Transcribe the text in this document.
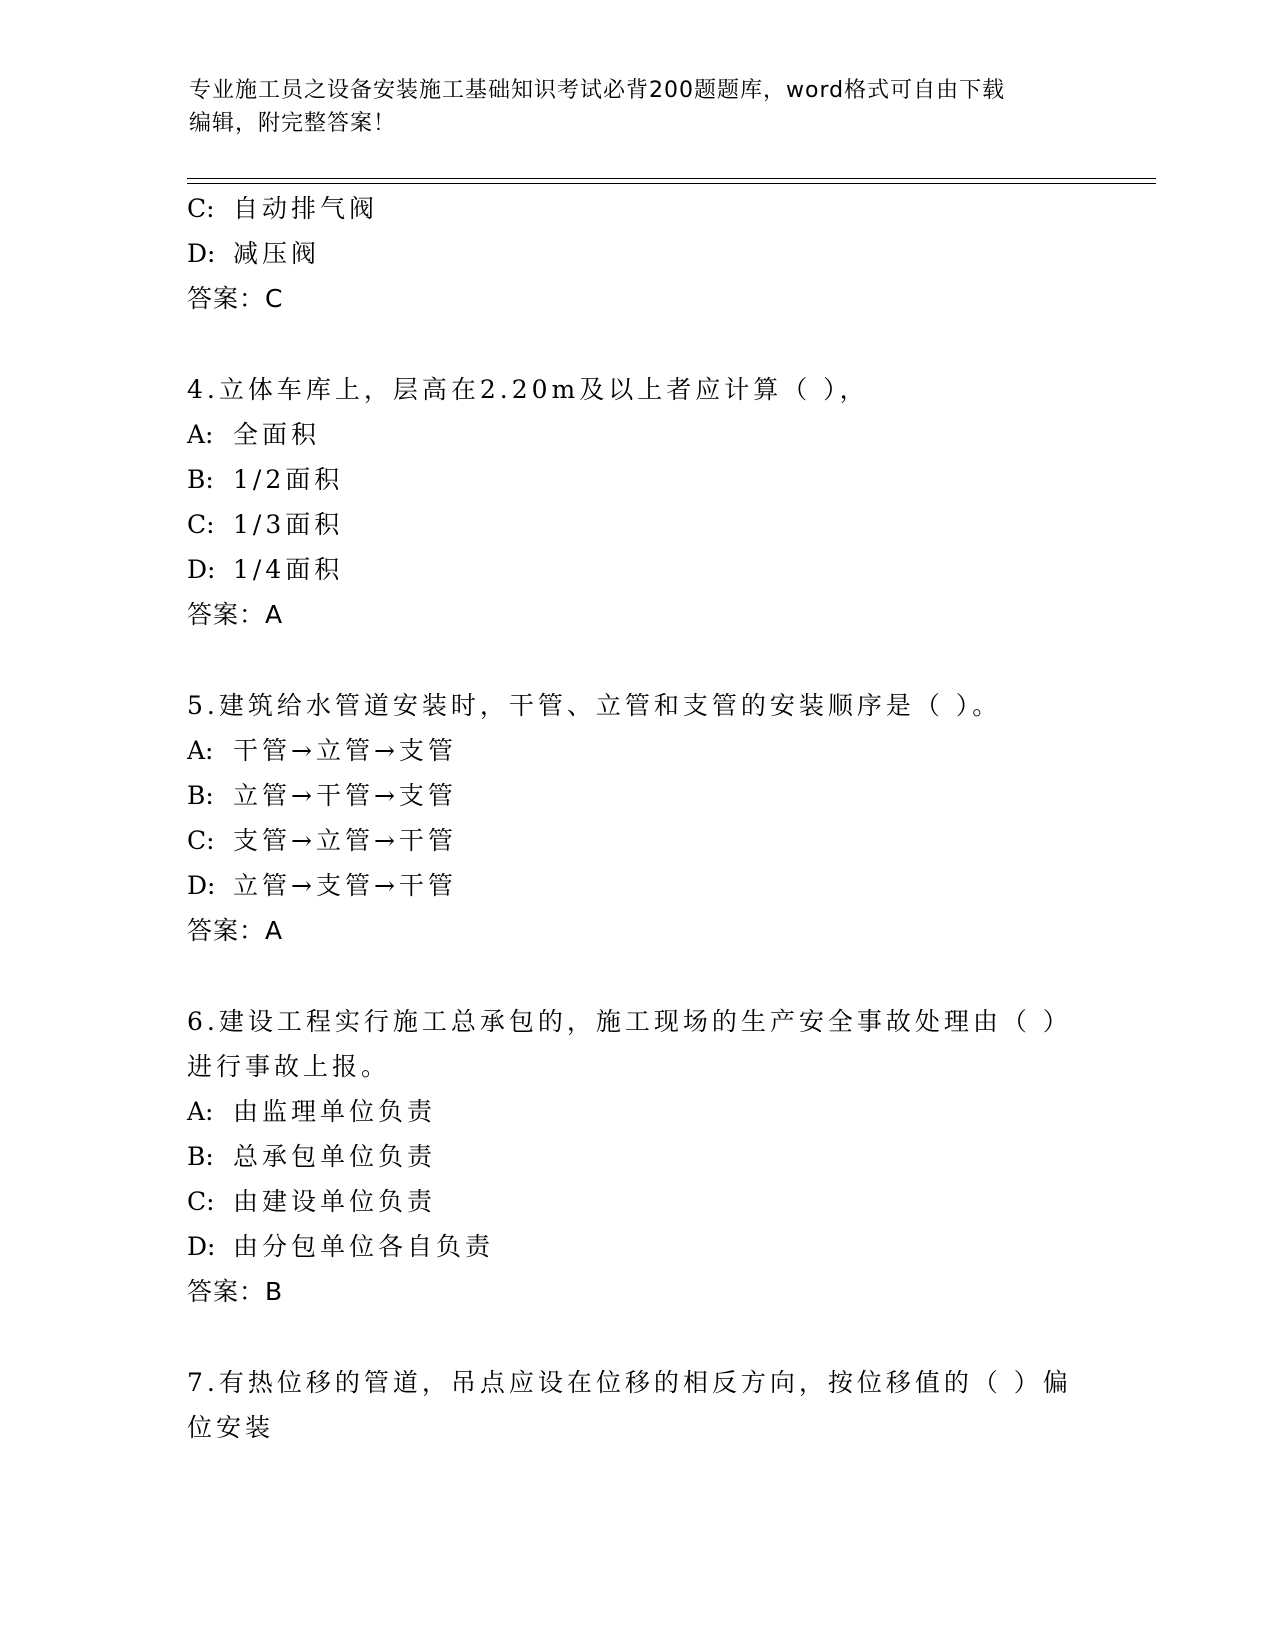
专业施工员之设备安装施工基础知识考试必背200题题库，word格式可自由下载
编辑，附完整答案！
C: 自动排气阀
D: 减压阀
答案：C
4.立体车库上，层高在2.20m及以上者应计算（ ），
A: 全面积
B: 1/2面积
C: 1/3面积
D: 1/4面积
答案：A
5.建筑给水管道安装时，干管、立管和支管的安装顺序是（ ）。
A: 干管→立管→支管
B: 立管→干管→支管
C: 支管→立管→干管
D: 立管→支管→干管
答案：A
6.建设工程实行施工总承包的，施工现场的生产安全事故处理由（ ）
进行事故上报。
A: 由监理单位负责
B: 总承包单位负责
C: 由建设单位负责
D: 由分包单位各自负责
答案：B
7.有热位移的管道，吊点应设在位移的相反方向，按位移值的（ ）偏
位安装
